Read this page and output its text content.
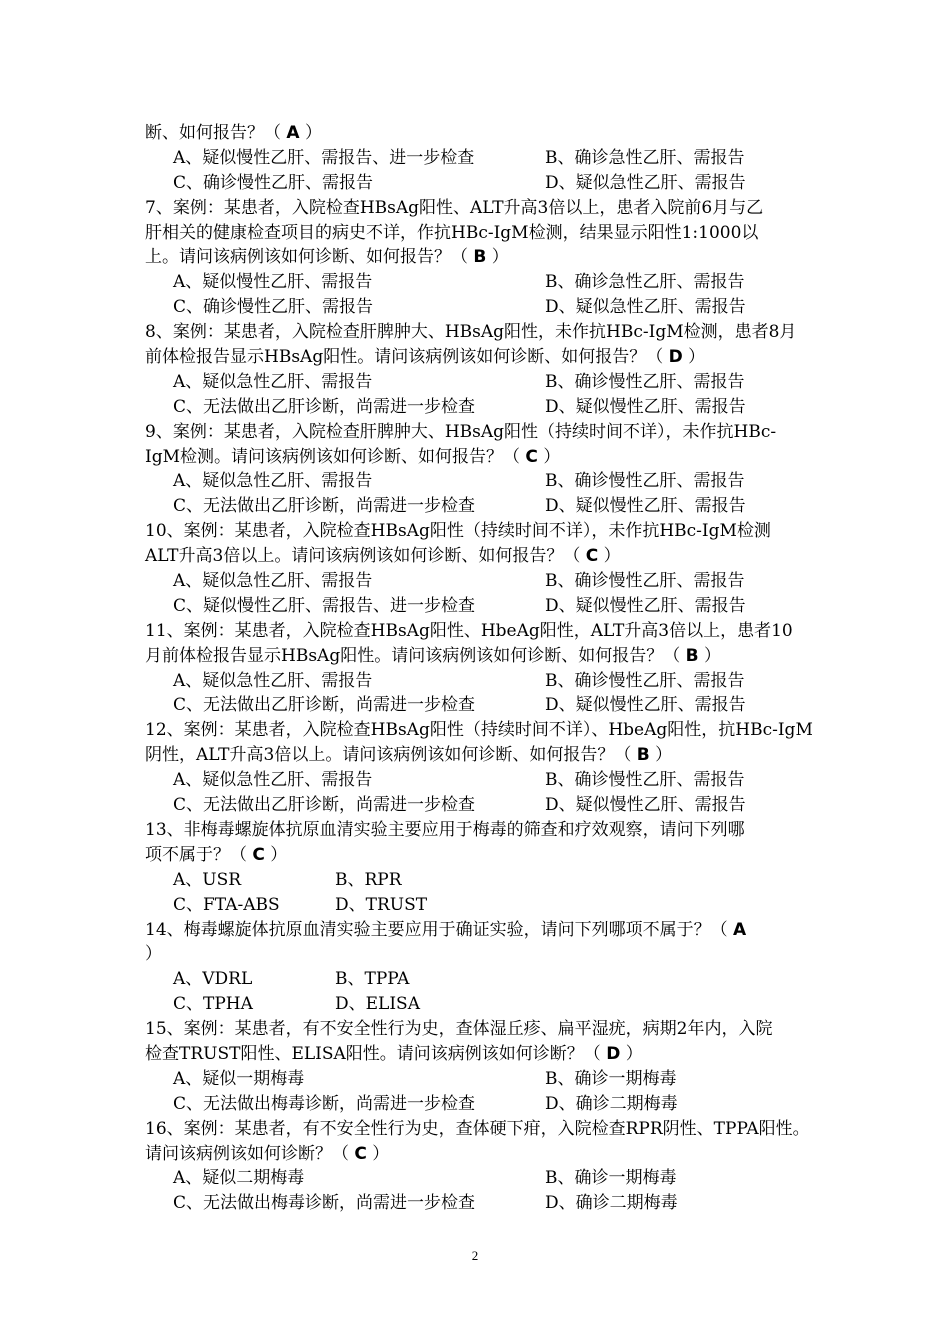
断、如何报告？（ A ）
A、疑似慢性乙肝、需报告、进一步检查	B、确诊急性乙肝、需报告
C、确诊慢性乙肝、需报告	D、疑似急性乙肝、需报告
7、案例：某患者，入院检查HBsAg阳性、ALT升高3倍以上，患者入院前6月与乙
肝相关的健康检查项目的病史不详，作抗HBc-IgM检测，结果显示阳性1:1000以
上。请问该病例该如何诊断、如何报告？（ B ）
A、疑似慢性乙肝、需报告	B、确诊急性乙肝、需报告
C、确诊慢性乙肝、需报告	D、疑似急性乙肝、需报告
8、案例：某患者，入院检查肝脾肿大、HBsAg阳性，未作抗HBc-IgM检测，患者8月
前体检报告显示HBsAg阳性。请问该病例该如何诊断、如何报告？（ D ）
A、疑似急性乙肝、需报告	B、确诊慢性乙肝、需报告
C、无法做出乙肝诊断，尚需进一步检查	D、疑似慢性乙肝、需报告
9、案例：某患者，入院检查肝脾肿大、HBsAg阳性（持续时间不详），未作抗HBc-
IgM检测。请问该病例该如何诊断、如何报告？（ C ）
A、疑似急性乙肝、需报告	B、确诊慢性乙肝、需报告
C、无法做出乙肝诊断，尚需进一步检查	D、疑似慢性乙肝、需报告
10、案例：某患者，入院检查HBsAg阳性（持续时间不详），未作抗HBc-IgM检测
ALT升高3倍以上。请问该病例该如何诊断、如何报告？（ C ）
A、疑似急性乙肝、需报告	B、确诊慢性乙肝、需报告
C、疑似慢性乙肝、需报告、进一步检查	D、疑似慢性乙肝、需报告
11、案例：某患者，入院检查HBsAg阳性、HbeAg阳性，ALT升高3倍以上，患者10
月前体检报告显示HBsAg阳性。请问该病例该如何诊断、如何报告？（ B ）
A、疑似急性乙肝、需报告	B、确诊慢性乙肝、需报告
C、无法做出乙肝诊断，尚需进一步检查	D、疑似慢性乙肝、需报告
12、案例：某患者，入院检查HBsAg阳性（持续时间不详）、HbeAg阳性，抗HBc-IgM
阴性，ALT升高3倍以上。请问该病例该如何诊断、如何报告？（ B ）
A、疑似急性乙肝、需报告	B、确诊慢性乙肝、需报告
C、无法做出乙肝诊断，尚需进一步检查	D、疑似慢性乙肝、需报告
13、非梅毒螺旋体抗原血清实验主要应用于梅毒的筛查和疗效观察，请问下列哪
项不属于？（ C ）
A、USR	B、RPR
C、FTA-ABS	D、TRUST
14、梅毒螺旋体抗原血清实验主要应用于确证实验，请问下列哪项不属于？（ A
）
A、VDRL	B、TPPA
C、TPHA	D、ELISA
15、案例：某患者，有不安全性行为史，查体湿丘疹、扁平湿疣，病期2年内，入院
检查TRUST阳性、ELISA阳性。请问该病例该如何诊断？（ D ）
A、疑似一期梅毒	B、确诊一期梅毒
C、无法做出梅毒诊断，尚需进一步检查	D、确诊二期梅毒
16、案例：某患者，有不安全性行为史，查体硬下疳，入院检查RPR阴性、TPPA阳性。
请问该病例该如何诊断？（ C ）
A、疑似二期梅毒	B、确诊一期梅毒
C、无法做出梅毒诊断，尚需进一步检查	D、确诊二期梅毒
2
